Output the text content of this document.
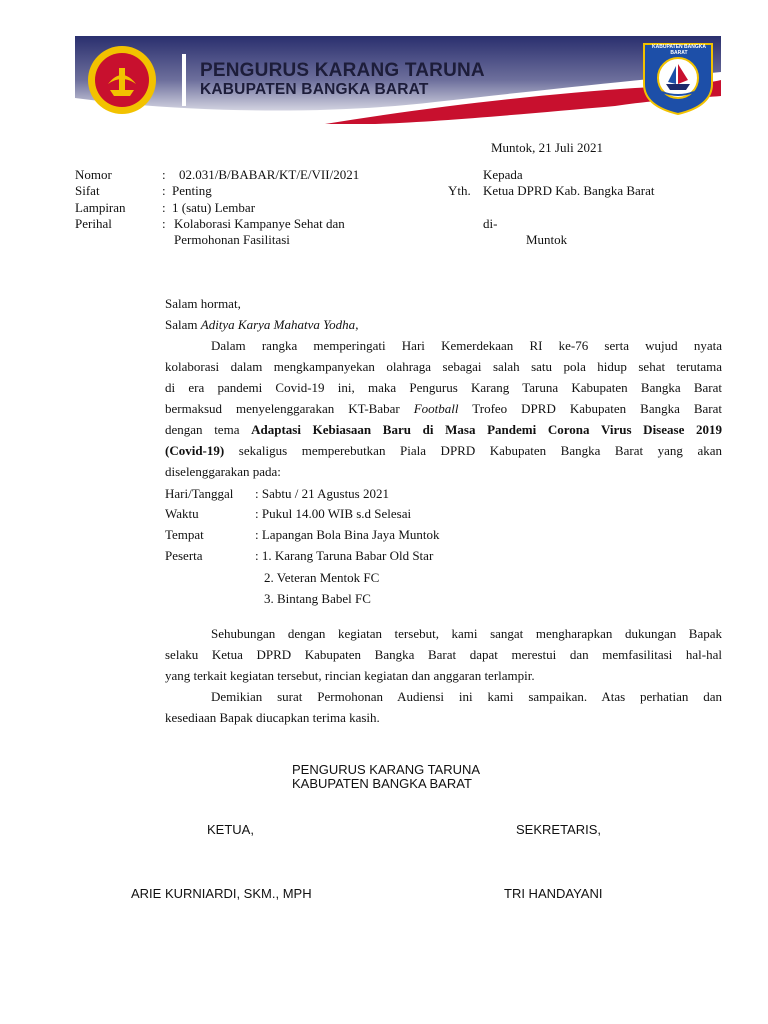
PENGURUS KARANG TARUNA
KABUPATEN BANGKA BARAT
KABUPATEN BANGKA BARAT
Muntok, 21 Juli 2021
Nomor	: 02.031/B/BABAR/KT/E/VII/2021
Sifat	: Penting
Lampiran	: 1 (satu) Lembar
Perihal	: Kolaborasi Kampanye Sehat dan
Permohonan Fasilitasi
Kepada
Yth. Ketua DPRD Kab. Bangka Barat
di-
Muntok
Salam hormat,
Salam Aditya Karya Mahatva Yodha,
Dalam rangka memperingati Hari Kemerdekaan RI ke-76 serta wujud nyata
kolaborasi dalam mengkampanyekan olahraga sebagai salah satu pola hidup sehat terutama
di era pandemi Covid-19 ini, maka Pengurus Karang Taruna Kabupaten Bangka Barat
bermaksud menyelenggarakan KT-Babar Football Trofeo DPRD Kabupaten Bangka Barat
dengan tema Adaptasi Kebiasaan Baru di Masa Pandemi Corona Virus Disease 2019
(Covid-19) sekaligus memperebutkan Piala DPRD Kabupaten Bangka Barat yang akan
diselenggarakan pada:
Hari/Tanggal : Sabtu / 21 Agustus 2021
Waktu	: Pukul 14.00 WIB s.d Selesai
Tempat	: Lapangan Bola Bina Jaya Muntok
Peserta	: 1. Karang Taruna Babar Old Star
2. Veteran Mentok FC
3. Bintang Babel FC
Sehubungan dengan kegiatan tersebut, kami sangat mengharapkan dukungan Bapak
selaku Ketua DPRD Kabupaten Bangka Barat dapat merestui dan memfasilitasi hal-hal
yang terkait kegiatan tersebut, rincian kegiatan dan anggaran terlampir.
Demikian surat Permohonan Audiensi ini kami sampaikan. Atas perhatian dan
kesediaan Bapak diucapkan terima kasih.
PENGURUS KARANG TARUNA
KABUPATEN BANGKA BARAT
KETUA,	SEKRETARIS,
ARIE KURNIARDI, SKM., MPH	TRI HANDAYANI
